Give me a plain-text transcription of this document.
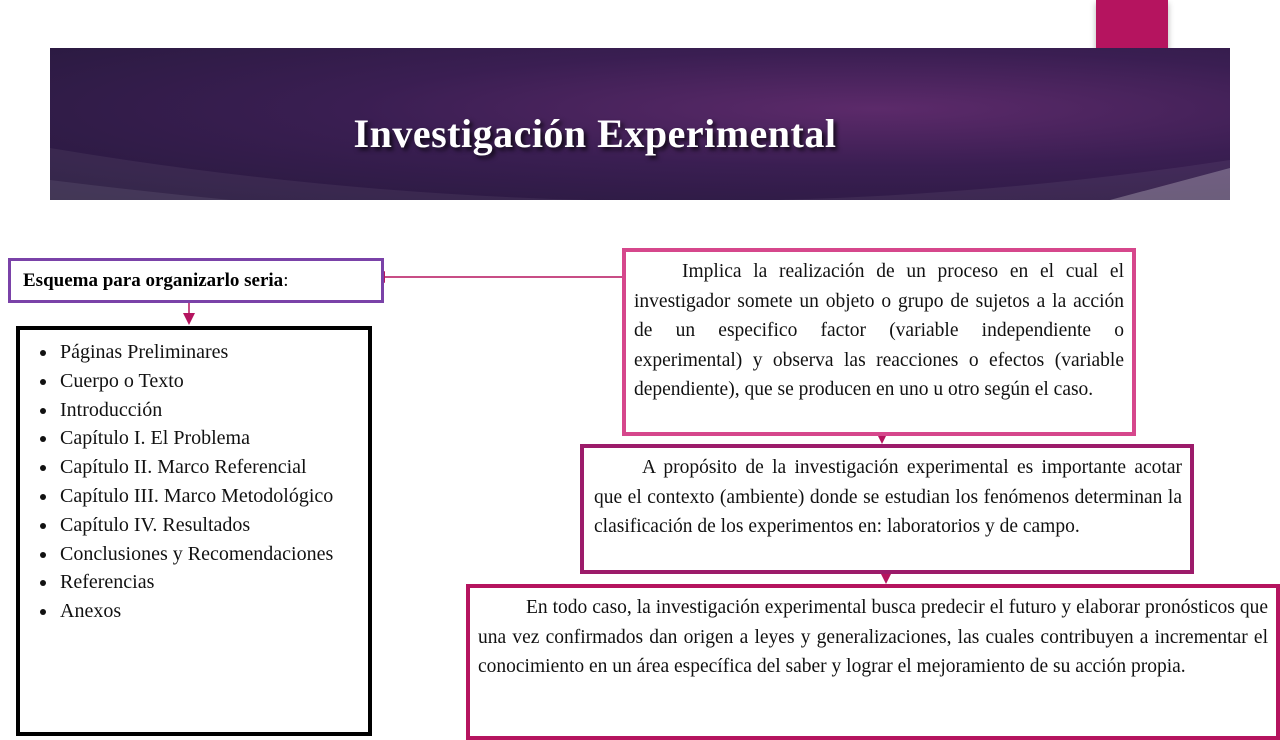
Investigación Experimental
Esquema para organizarlo seria:
• Páginas Preliminares
• Cuerpo o Texto
• Introducción
• Capítulo I. El Problema
• Capítulo II. Marco Referencial
• Capítulo III. Marco Metodológico
• Capítulo IV. Resultados
• Conclusiones y Recomendaciones
• Referencias
• Anexos

Implica la realización de un proceso en el cual el investigador somete un objeto o grupo de sujetos a la acción de un especifico factor (variable independiente o experimental) y observa las reacciones o efectos (variable dependiente), que se producen en uno u otro según el caso.

A propósito de la investigación experimental es importante acotar que el contexto (ambiente) donde se estudian los fenómenos determinan la clasificación de los experimentos en: laboratorios y de campo.

En todo caso, la investigación experimental busca predecir el futuro y elaborar pronósticos que una vez confirmados dan origen a leyes y generalizaciones, las cuales contribuyen a incrementar el conocimiento en un área específica del saber y lograr el mejoramiento de su acción propia.
